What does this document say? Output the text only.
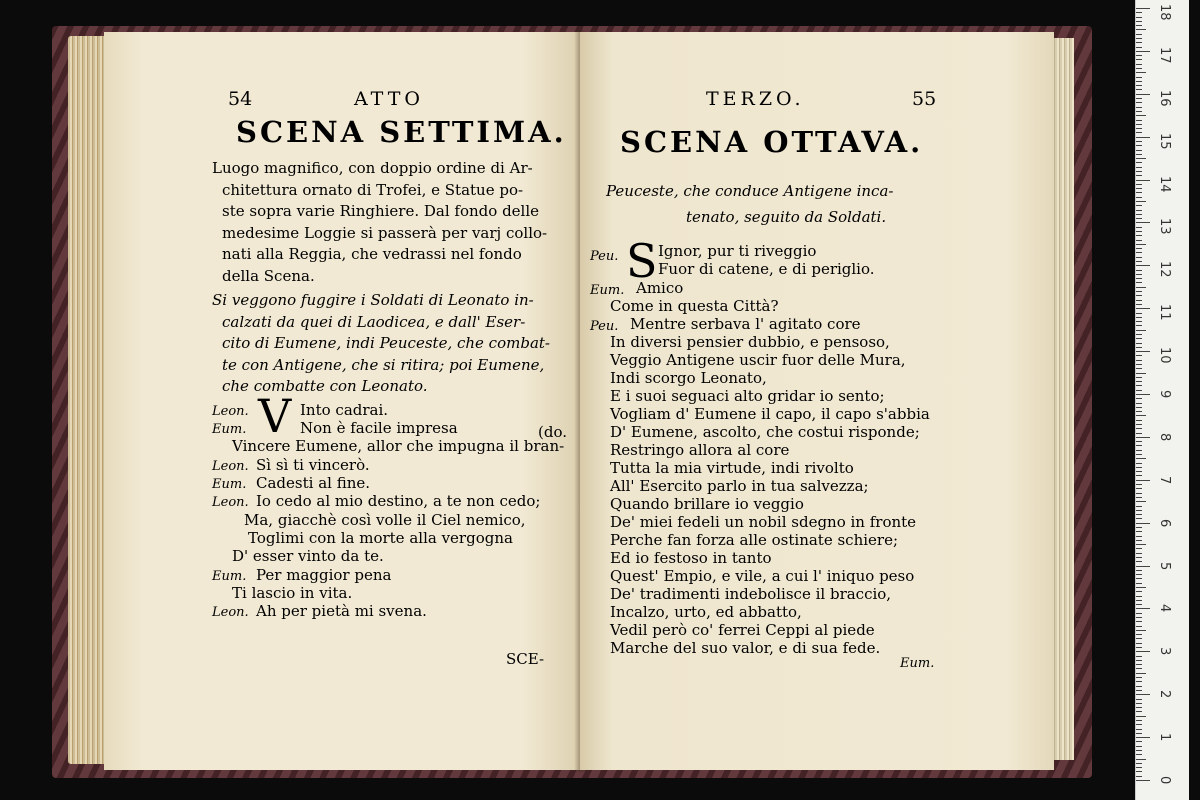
54	ATTO
SCENA SETTIMA.
Luogo magnifico, con doppio ordine di Ar-
chitettura ornato di Trofei, e Statue po-
ste sopra varie Ringhiere. Dal fondo delle
medesime Loggie si passerà per varj collo-
nati alla Reggia, che vedrassi nel fondo
della Scena.
Si veggono fuggire i Soldati di Leonato in-
calzati da quei di Laodicea, e dall' Eser-
cito di Eumene, indi Peuceste, che combat-
te con Antigene, che si ritira; poi Eumene,
che combatte con Leonato.
Leon. V Into cadrai.
Eum.	Non è facile impresa	(do.
Vincere Eumene, allor che impugna il bran-
Leon. Sì sì ti vincerò.
Eum. Cadesti al fine.
Leon. Io cedo al mio destino, a te non cedo;
Ma, giacchè così volle il Ciel nemico,
Toglimi con la morte alla vergogna
D' esser vinto da te.
Eum. Per maggior pena
Ti lascio in vita.
Leon. Ah per pietà mi svena.
SCE-
TERZO.	55
SCENA OTTAVA.
Peuceste, che conduce Antigene inca-
tenato, seguito da Soldati.
Peu. S Ignor, pur ti riveggio
Fuor di catene, e di periglio.
Eum. Amico
Come in questa Città?
Peu. Mentre serbava l' agitato core
In diversi pensier dubbio, e pensoso,
Veggio Antigene uscir fuor delle Mura,
Indi scorgo Leonato,
E i suoi seguaci alto gridar io sento;
Vogliam d' Eumene il capo, il capo s'abbia
D' Eumene, ascolto, che costui risponde;
Restringo allora al core
Tutta la mia virtude, indi rivolto
All' Esercito parlo in tua salvezza;
Quando brillare io veggio
De' miei fedeli un nobil sdegno in fronte
Perche fan forza alle ostinate schiere;
Ed io festoso in tanto
Quest' Empio, e vile, a cui l' iniquo peso
De' tradimenti indebolisce il braccio,
Incalzo, urto, ed abbatto,
Vedil però co' ferrei Ceppi al piede
Marche del suo valor, e di sua fede.
Eum.
0
1
2
3
4
5
6
7
8
9
10
11
12
13
14
15
16
17
18
